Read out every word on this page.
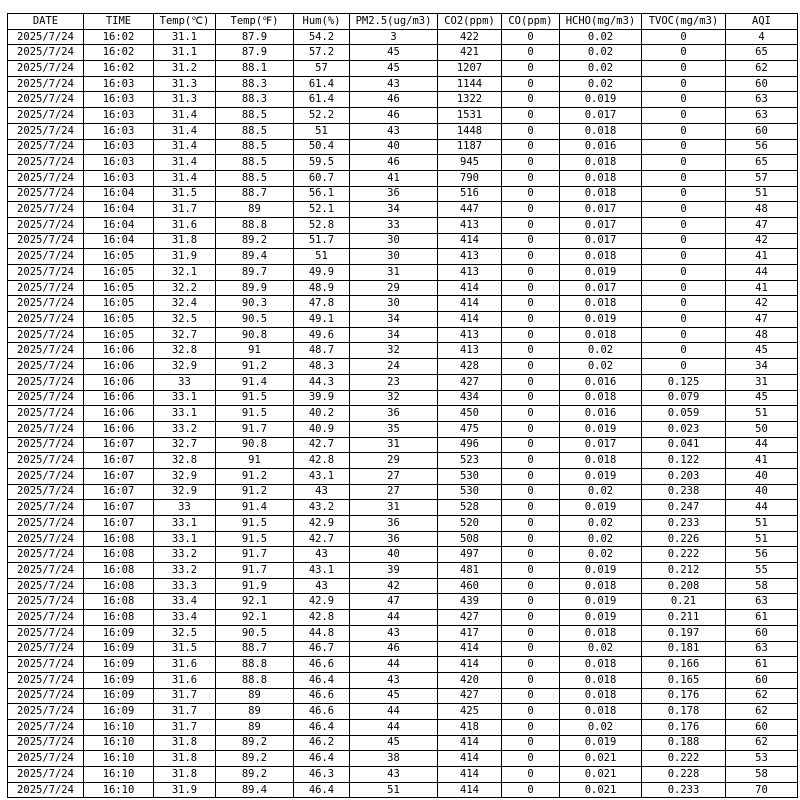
DATE	TIME	Temp(℃)	Temp(℉)	Hum(%)	PM2.5(ug/m3)	CO2(ppm)	CO(ppm)	HCHO(mg/m3)	TVOC(mg/m3)	AQI
2025/7/24	16:02	31.1	87.9	54.2	3	422	0	0.02	0	4
2025/7/24	16:02	31.1	87.9	57.2	45	421	0	0.02	0	65
2025/7/24	16:02	31.2	88.1	57	45	1207	0	0.02	0	62
2025/7/24	16:03	31.3	88.3	61.4	43	1144	0	0.02	0	60
2025/7/24	16:03	31.3	88.3	61.4	46	1322	0	0.019	0	63
2025/7/24	16:03	31.4	88.5	52.2	46	1531	0	0.017	0	63
2025/7/24	16:03	31.4	88.5	51	43	1448	0	0.018	0	60
2025/7/24	16:03	31.4	88.5	50.4	40	1187	0	0.016	0	56
2025/7/24	16:03	31.4	88.5	59.5	46	945	0	0.018	0	65
2025/7/24	16:03	31.4	88.5	60.7	41	790	0	0.018	0	57
2025/7/24	16:04	31.5	88.7	56.1	36	516	0	0.018	0	51
2025/7/24	16:04	31.7	89	52.1	34	447	0	0.017	0	48
2025/7/24	16:04	31.6	88.8	52.8	33	413	0	0.017	0	47
2025/7/24	16:04	31.8	89.2	51.7	30	414	0	0.017	0	42
2025/7/24	16:05	31.9	89.4	51	30	413	0	0.018	0	41
2025/7/24	16:05	32.1	89.7	49.9	31	413	0	0.019	0	44
2025/7/24	16:05	32.2	89.9	48.9	29	414	0	0.017	0	41
2025/7/24	16:05	32.4	90.3	47.8	30	414	0	0.018	0	42
2025/7/24	16:05	32.5	90.5	49.1	34	414	0	0.019	0	47
2025/7/24	16:05	32.7	90.8	49.6	34	413	0	0.018	0	48
2025/7/24	16:06	32.8	91	48.7	32	413	0	0.02	0	45
2025/7/24	16:06	32.9	91.2	48.3	24	428	0	0.02	0	34
2025/7/24	16:06	33	91.4	44.3	23	427	0	0.016	0.125	31
2025/7/24	16:06	33.1	91.5	39.9	32	434	0	0.018	0.079	45
2025/7/24	16:06	33.1	91.5	40.2	36	450	0	0.016	0.059	51
2025/7/24	16:06	33.2	91.7	40.9	35	475	0	0.019	0.023	50
2025/7/24	16:07	32.7	90.8	42.7	31	496	0	0.017	0.041	44
2025/7/24	16:07	32.8	91	42.8	29	523	0	0.018	0.122	41
2025/7/24	16:07	32.9	91.2	43.1	27	530	0	0.019	0.203	40
2025/7/24	16:07	32.9	91.2	43	27	530	0	0.02	0.238	40
2025/7/24	16:07	33	91.4	43.2	31	528	0	0.019	0.247	44
2025/7/24	16:07	33.1	91.5	42.9	36	520	0	0.02	0.233	51
2025/7/24	16:08	33.1	91.5	42.7	36	508	0	0.02	0.226	51
2025/7/24	16:08	33.2	91.7	43	40	497	0	0.02	0.222	56
2025/7/24	16:08	33.2	91.7	43.1	39	481	0	0.019	0.212	55
2025/7/24	16:08	33.3	91.9	43	42	460	0	0.018	0.208	58
2025/7/24	16:08	33.4	92.1	42.9	47	439	0	0.019	0.21	63
2025/7/24	16:08	33.4	92.1	42.8	44	427	0	0.019	0.211	61
2025/7/24	16:09	32.5	90.5	44.8	43	417	0	0.018	0.197	60
2025/7/24	16:09	31.5	88.7	46.7	46	414	0	0.02	0.181	63
2025/7/24	16:09	31.6	88.8	46.6	44	414	0	0.018	0.166	61
2025/7/24	16:09	31.6	88.8	46.4	43	420	0	0.018	0.165	60
2025/7/24	16:09	31.7	89	46.6	45	427	0	0.018	0.176	62
2025/7/24	16:09	31.7	89	46.6	44	425	0	0.018	0.178	62
2025/7/24	16:10	31.7	89	46.4	44	418	0	0.02	0.176	60
2025/7/24	16:10	31.8	89.2	46.2	45	414	0	0.019	0.188	62
2025/7/24	16:10	31.8	89.2	46.4	38	414	0	0.021	0.222	53
2025/7/24	16:10	31.8	89.2	46.3	43	414	0	0.021	0.228	58
2025/7/24	16:10	31.9	89.4	46.4	51	414	0	0.021	0.233	70
